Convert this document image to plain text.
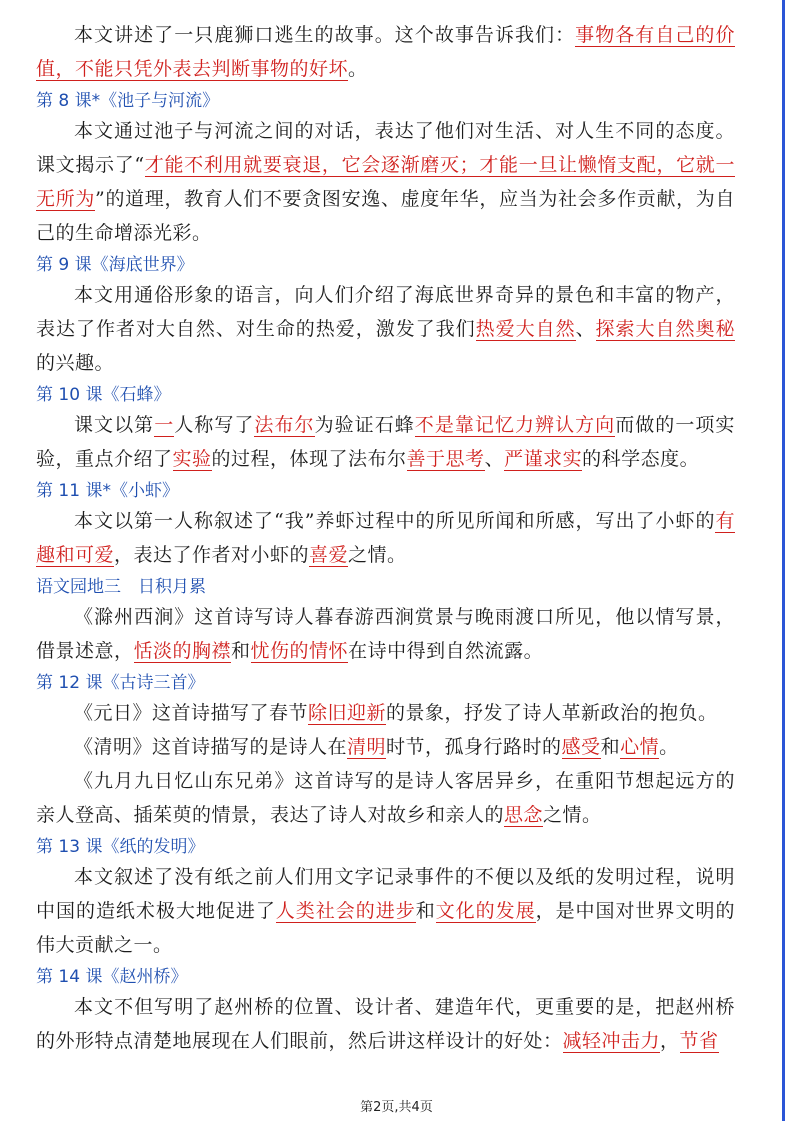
本文讲述了一只鹿狮口逃生的故事。这个故事告诉我们：事物各有自己的价值，不能只凭外表去判断事物的好坏。

第 8 课*《池子与河流》

本文通过池子与河流之间的对话，表达了他们对生活、对人生不同的态度。课文揭示了“才能不利用就要衰退，它会逐渐磨灭；才能一旦让懒惰支配，它就一无所为”的道理，教育人们不要贪图安逸、虚度年华，应当为社会多作贡献，为自己的生命增添光彩。

第 9 课《海底世界》

本文用通俗形象的语言，向人们介绍了海底世界奇异的景色和丰富的物产，表达了作者对大自然、对生命的热爱，激发了我们热爱大自然、探索大自然奥秘的兴趣。

第 10 课《石蜂》

课文以第一人称写了法布尔为验证石蜂不是靠记忆力辨认方向而做的一项实验，重点介绍了实验的过程，体现了法布尔善于思考、严谨求实的科学态度。

第 11 课*《小虾》

本文以第一人称叙述了“我”养虾过程中的所见所闻和所感，写出了小虾的有趣和可爱，表达了作者对小虾的喜爱之情。

语文园地三　日积月累

《滁州西涧》这首诗写诗人暮春游西涧赏景与晚雨渡口所见，他以情写景，借景述意，恬淡的胸襟和忧伤的情怀在诗中得到自然流露。

第 12 课《古诗三首》

《元日》这首诗描写了春节除旧迎新的景象，抒发了诗人革新政治的抱负。

《清明》这首诗描写的是诗人在清明时节，孤身行路时的感受和心情。

《九月九日忆山东兄弟》这首诗写的是诗人客居异乡，在重阳节想起远方的亲人登高、插茱萸的情景，表达了诗人对故乡和亲人的思念之情。

第 13 课《纸的发明》

本文叙述了没有纸之前人们用文字记录事件的不便以及纸的发明过程，说明中国的造纸术极大地促进了人类社会的进步和文化的发展，是中国对世界文明的伟大贡献之一。

第 14 课《赵州桥》

本文不但写明了赵州桥的位置、设计者、建造年代，更重要的是，把赵州桥的外形特点清楚地展现在人们眼前，然后讲这样设计的好处：减轻冲击力，节省

第2页,共4页
